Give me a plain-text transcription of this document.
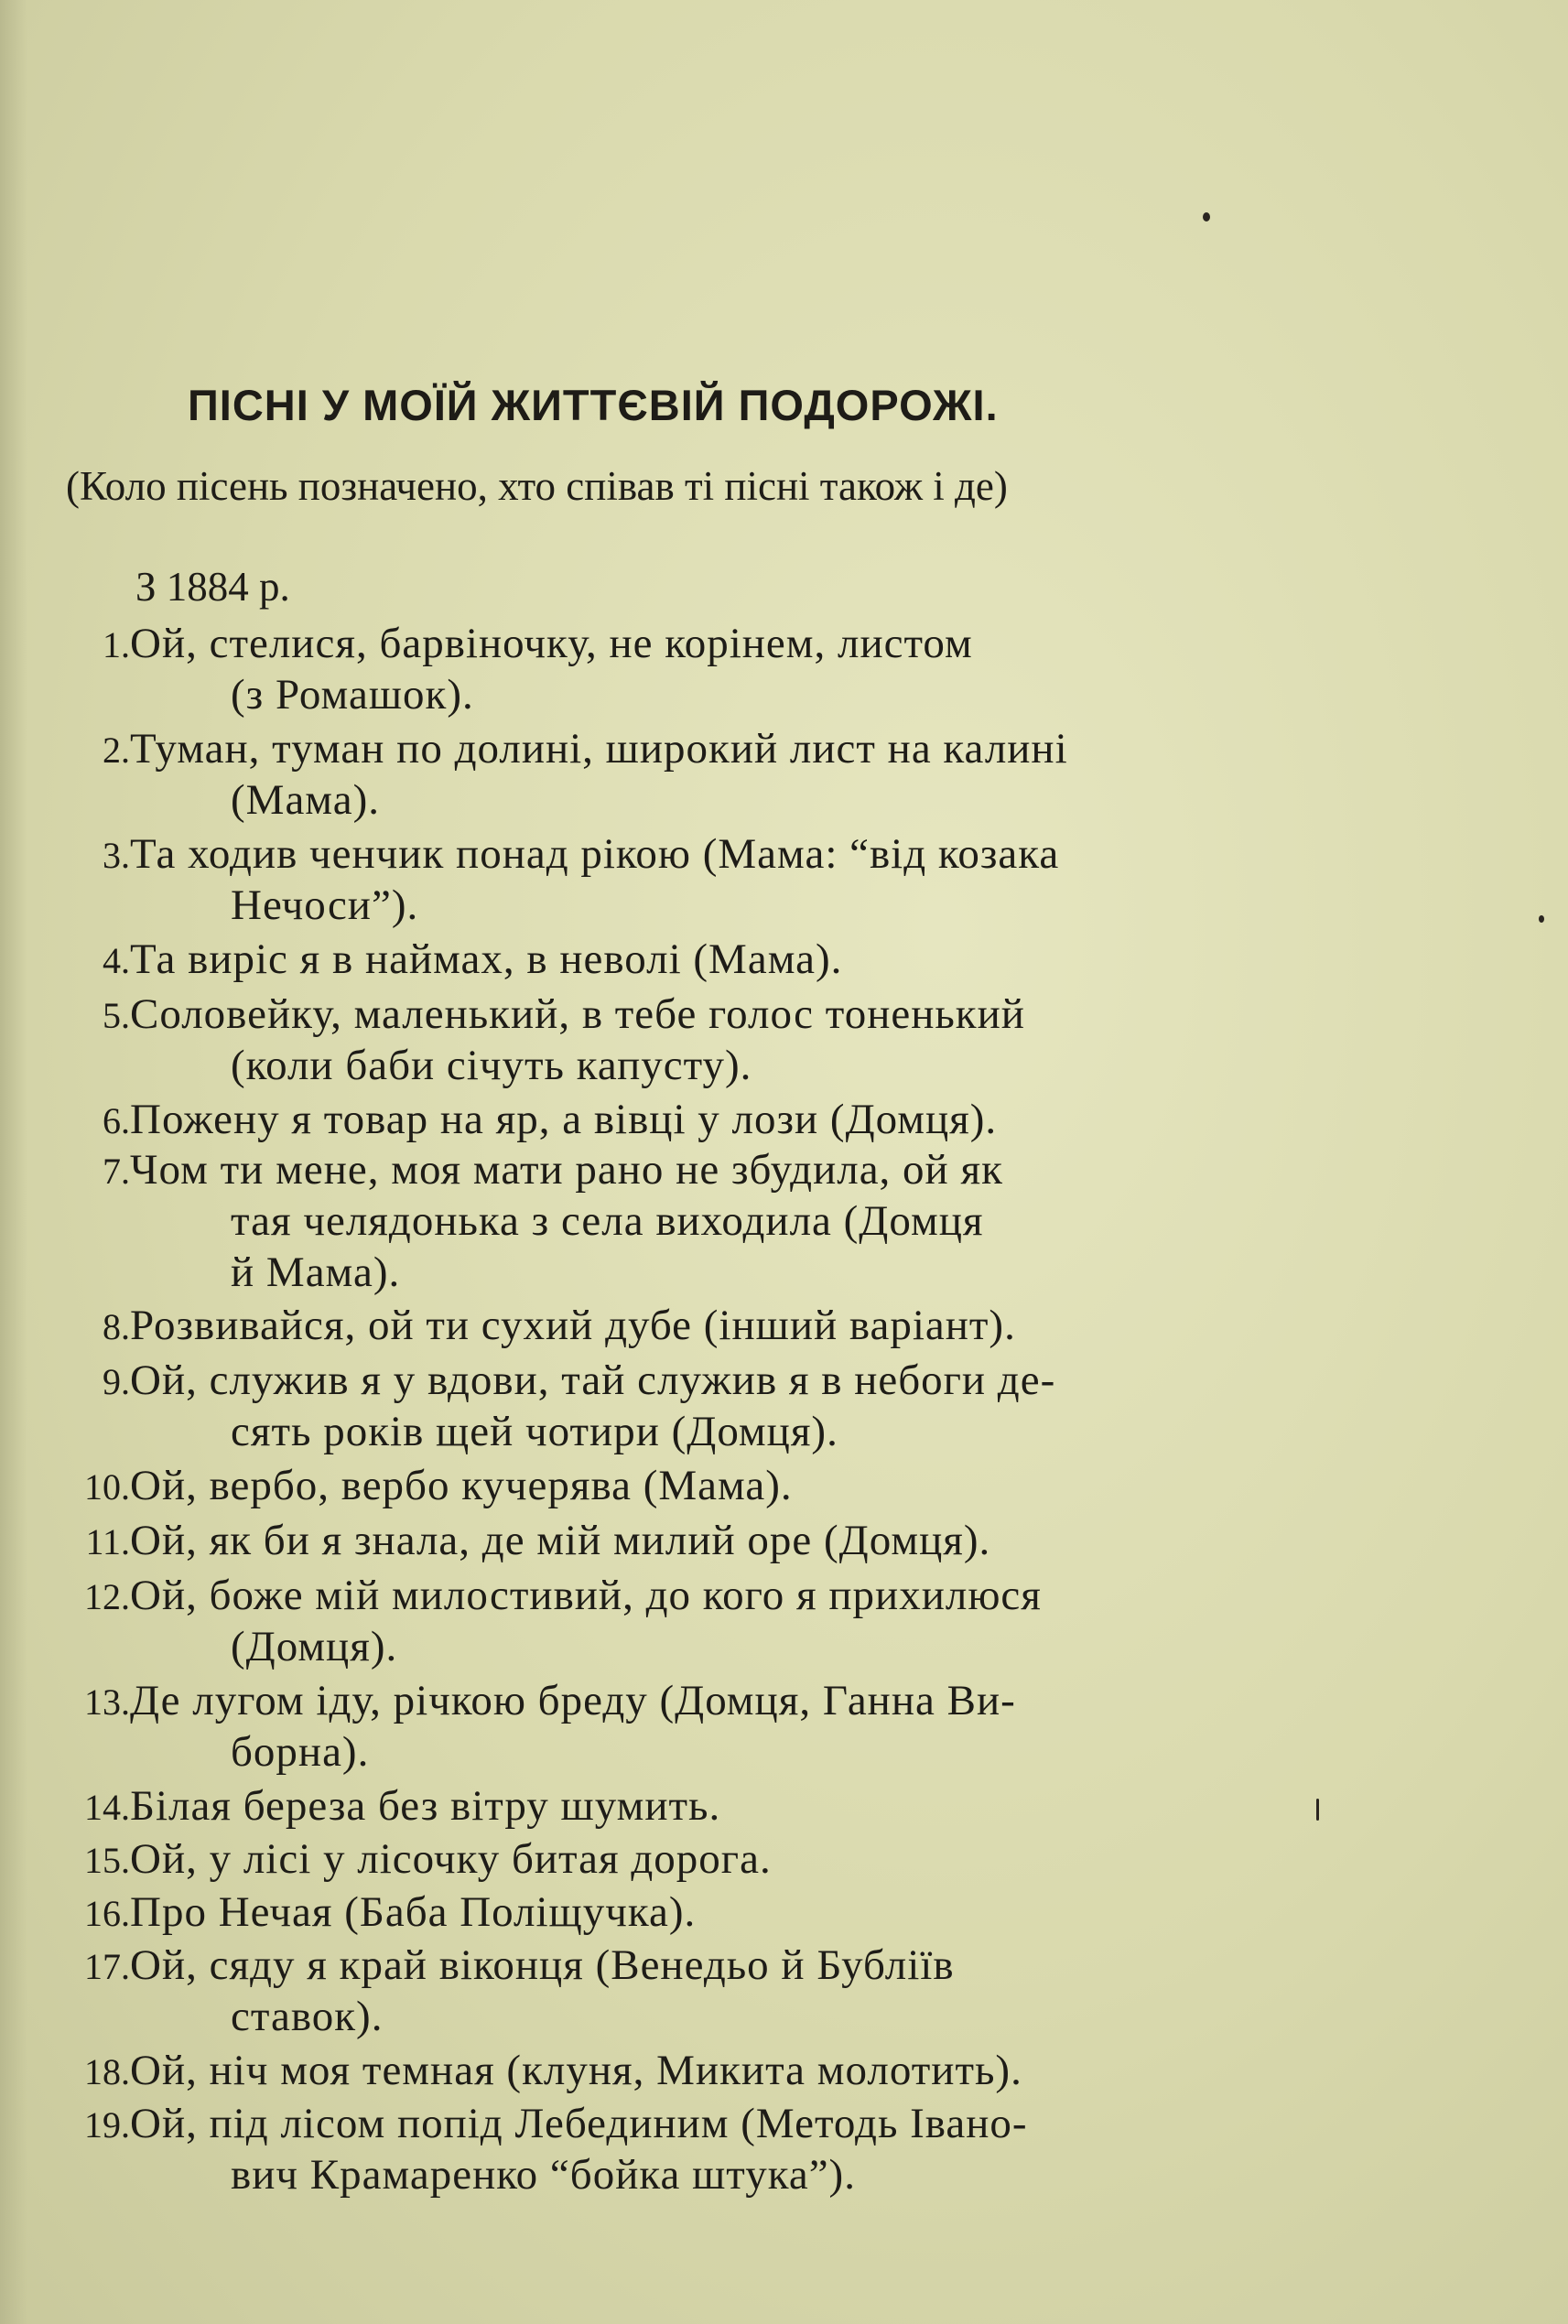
ПІСНІ У МОЇЙ ЖИТТЄВІЙ ПОДОРОЖІ.
(Коло пісень позначено, хто співав ті пісні також і де)
З 1884 р.
1. Ой, стелися, барвіночку, не корінем, листом
(з Ромашок).
2. Туман, туман по долині, широкий лист на калині
(Мама).
3. Та ходив ченчик понад рікою (Мама: “від козака
Нечоси”).
4. Та виріс я в наймах, в неволі (Мама).
5. Соловейку, маленький, в тебе голос тоненький
(коли баби січуть капусту).
6. Пожену я товар на яр, а вівці у лози (Домця).
7. Чом ти мене, моя мати рано не збудила, ой як
тая челядонька з села виходила (Домця
й Мама).
8. Розвивайся, ой ти сухий дубе (інший варіант).
9. Ой, служив я у вдови, тай служив я в небоги де-
сять років щей чотири (Домця).
10. Ой, вербо, вербо кучерява (Мама).
11. Ой, як би я знала, де мій милий оре (Домця).
12. Ой, боже мій милостивий, до кого я прихилюся
(Домця).
13. Де лугом іду, річкою бреду (Домця, Ганна Ви-
борна).
14. Білая береза без вітру шумить.
15. Ой, у лісі у лісочку битая дорога.
16. Про Нечая (Баба Поліщучка).
17. Ой, сяду я край віконця (Венедьо й Бубліїв
ставок).
18. Ой, ніч моя темная (клуня, Микита молотить).
19. Ой, під лісом попід Лебединим (Методь Івано-
вич Крамаренко “бойка штука”).
